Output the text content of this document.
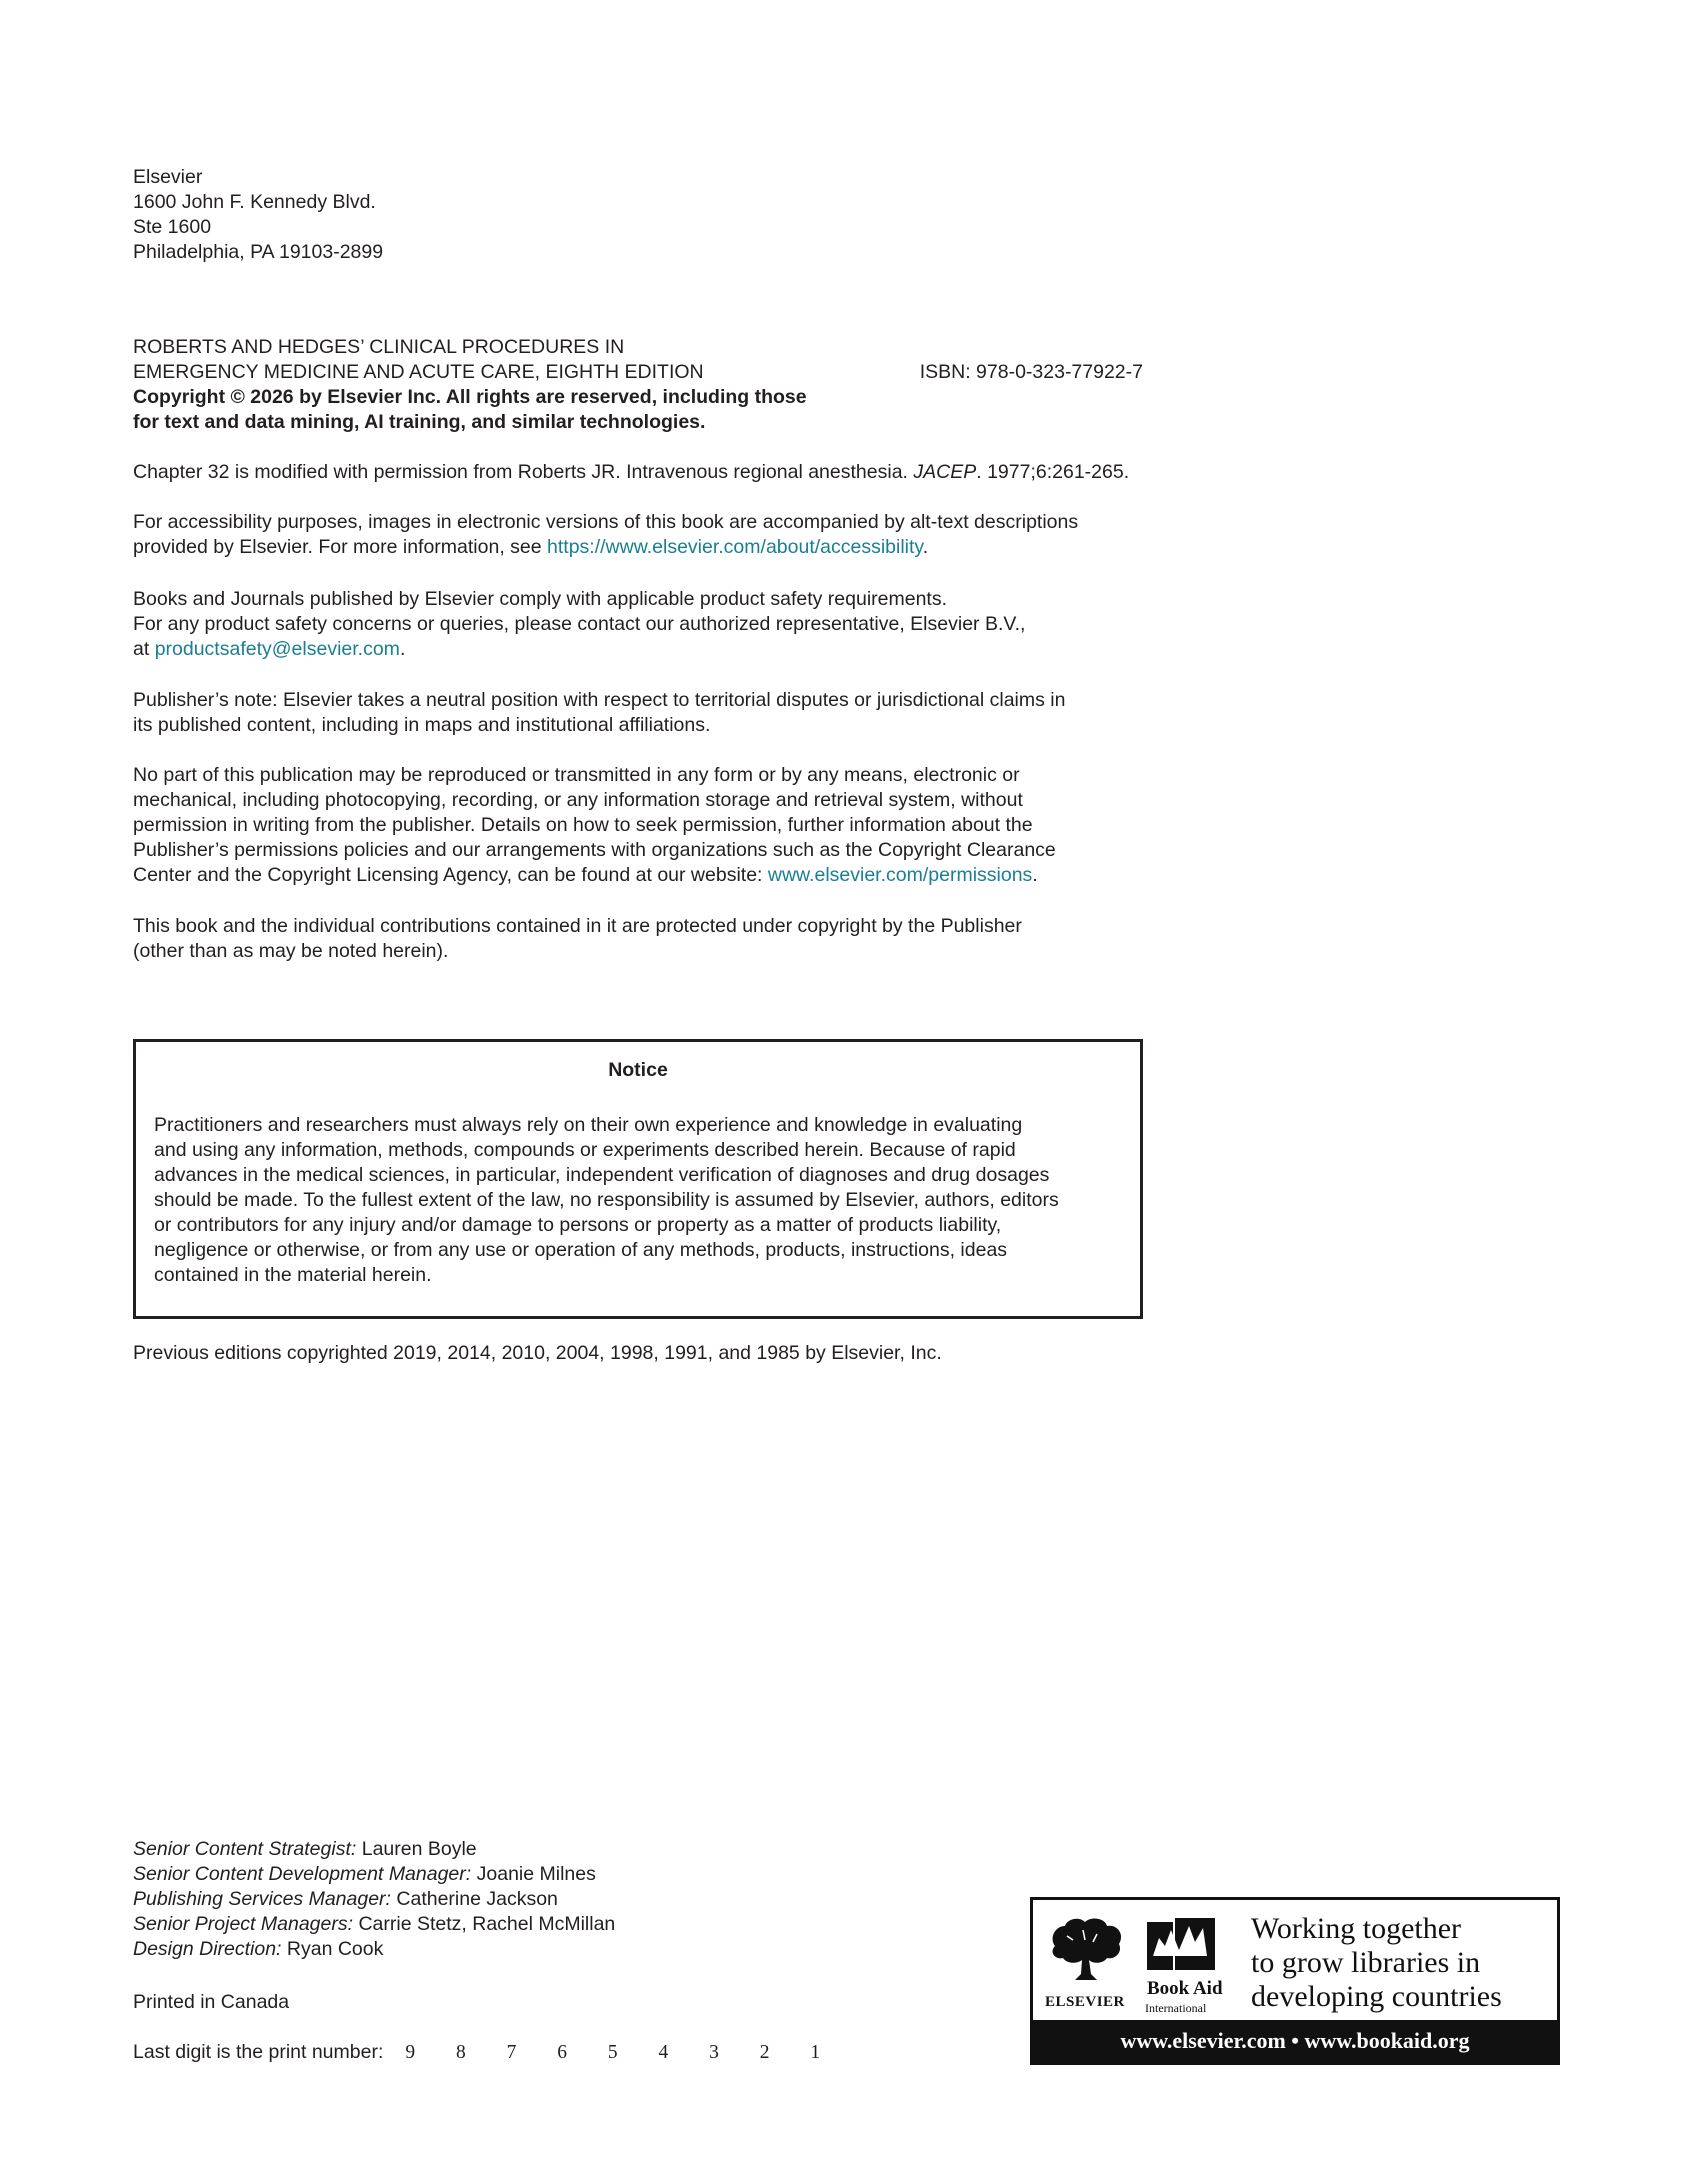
Elsevier

1600 John F. Kennedy Blvd.

Ste 1600

Philadelphia, PA 19103-2899

ROBERTS AND HEDGES’ CLINICAL PROCEDURES IN

EMERGENCY MEDICINE AND ACUTE CARE, EIGHTH EDITION	ISBN: 978-0-323-77922-7

Copyright © 2026 by Elsevier Inc. All rights are reserved, including those

for text and data mining, AI training, and similar technologies.

Chapter 32 is modified with permission from Roberts JR. Intravenous regional anesthesia. JACEP. 1977;6:261-265.

For accessibility purposes, images in electronic versions of this book are accompanied by alt-text descriptions

provided by Elsevier. For more information, see https://www.elsevier.com/about/accessibility.

Books and Journals published by Elsevier comply with applicable product safety requirements.

For any product safety concerns or queries, please contact our authorized representative, Elsevier B.V.,

at productsafety@elsevier.com.

Publisher’s note: Elsevier takes a neutral position with respect to territorial disputes or jurisdictional claims in

its published content, including in maps and institutional affiliations.

No part of this publication may be reproduced or transmitted in any form or by any means, electronic or

mechanical, including photocopying, recording, or any information storage and retrieval system, without

permission in writing from the publisher. Details on how to seek permission, further information about the

Publisher’s permissions policies and our arrangements with organizations such as the Copyright Clearance

Center and the Copyright Licensing Agency, can be found at our website: www.elsevier.com/permissions.

This book and the individual contributions contained in it are protected under copyright by the Publisher

(other than as may be noted herein).

Notice

Practitioners and researchers must always rely on their own experience and knowledge in evaluating

and using any information, methods, compounds or experiments described herein. Because of rapid

advances in the medical sciences, in particular, independent verification of diagnoses and drug dosages

should be made. To the fullest extent of the law, no responsibility is assumed by Elsevier, authors, editors

or contributors for any injury and/or damage to persons or property as a matter of products liability,

negligence or otherwise, or from any use or operation of any methods, products, instructions, ideas

contained in the material herein.

Previous editions copyrighted 2019, 2014, 2010, 2004, 1998, 1991, and 1985 by Elsevier, Inc.

Senior Content Strategist: Lauren Boyle

Senior Content Development Manager: Joanie Milnes

Publishing Services Manager: Catherine Jackson

Senior Project Managers: Carrie Stetz, Rachel McMillan

Design Direction: Ryan Cook

Printed in Canada

Last digit is the print number: 9 8 7 6 5 4 3 2 1

ELSEVIER
Book Aid
International

Working together

to grow libraries in

developing countries

www.elsevier.com • www.bookaid.org
